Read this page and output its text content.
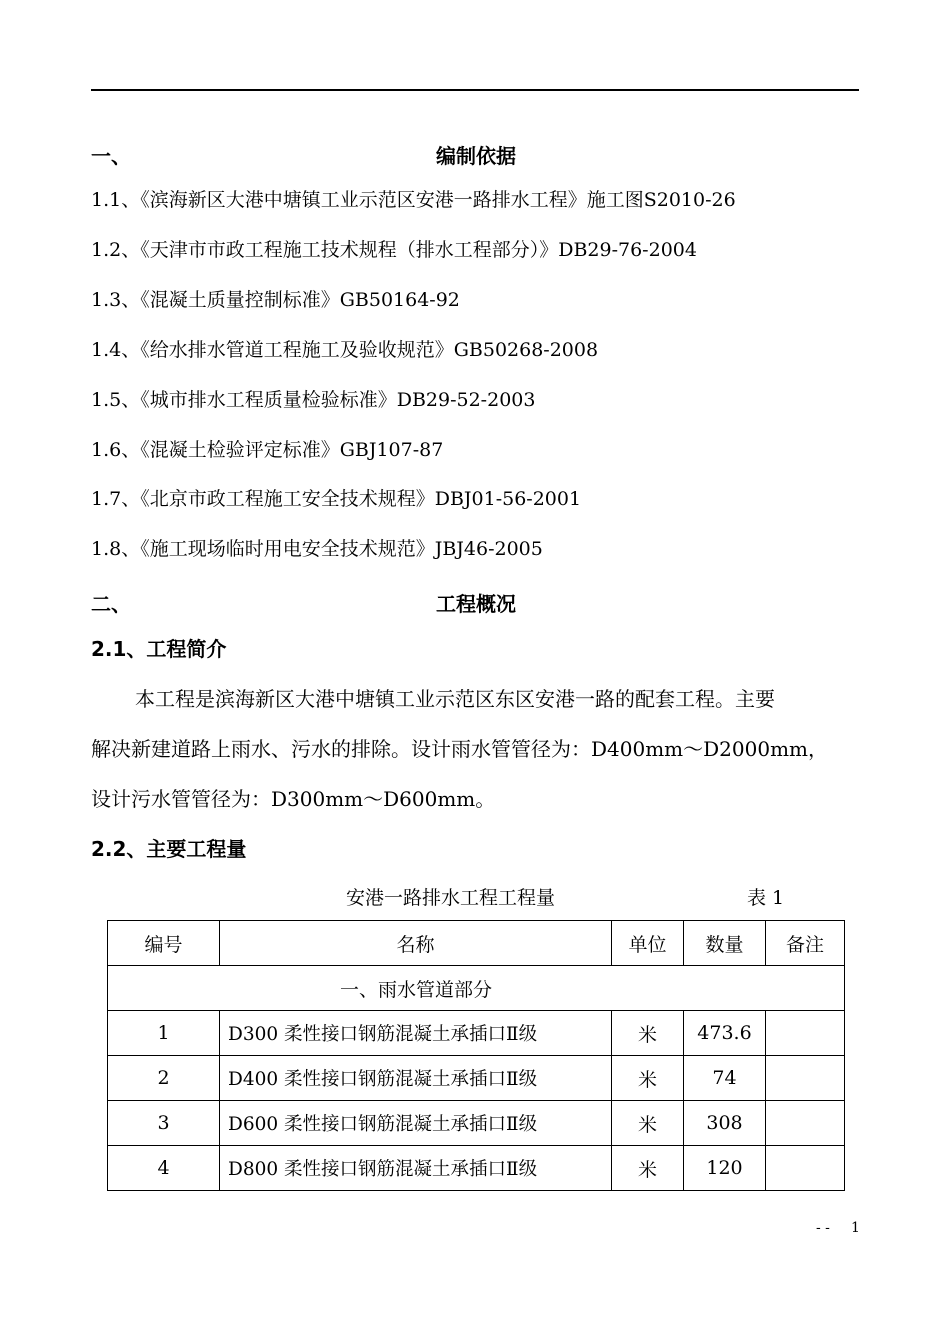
一、	编制依据
1.1、《滨海新区大港中塘镇工业示范区安港一路排水工程》施工图S2010-26
1.2、《天津市市政工程施工技术规程（排水工程部分）》DB29-76-2004
1.3、《混凝土质量控制标准》GB50164-92
1.4、《给水排水管道工程施工及验收规范》GB50268-2008
1.5、《城市排水工程质量检验标准》DB29-52-2003
1.6、《混凝土检验评定标准》GBJ107-87
1.7、《北京市政工程施工安全技术规程》DBJ01-56-2001
1.8、《施工现场临时用电安全技术规范》JBJ46-2005
二、	工程概况
2.1、工程简介
本工程是滨海新区大港中塘镇工业示范区东区安港一路的配套工程。主要
解决新建道路上雨水、污水的排除。设计雨水管管径为：D400mm～D2000mm，
设计污水管管径为：D300mm～D600mm。
2.2、主要工程量
安港一路排水工程工程量	表 1
编号	名称	单位	数量	备注
一、雨水管道部分				
1	D300 柔性接口钢筋混凝土承插口Ⅱ级	米	473.6	
2	D400 柔性接口钢筋混凝土承插口Ⅱ级	米	74	
3	D600 柔性接口钢筋混凝土承插口Ⅱ级	米	308	
4	D800 柔性接口钢筋混凝土承插口Ⅱ级	米	120	
- - 1
